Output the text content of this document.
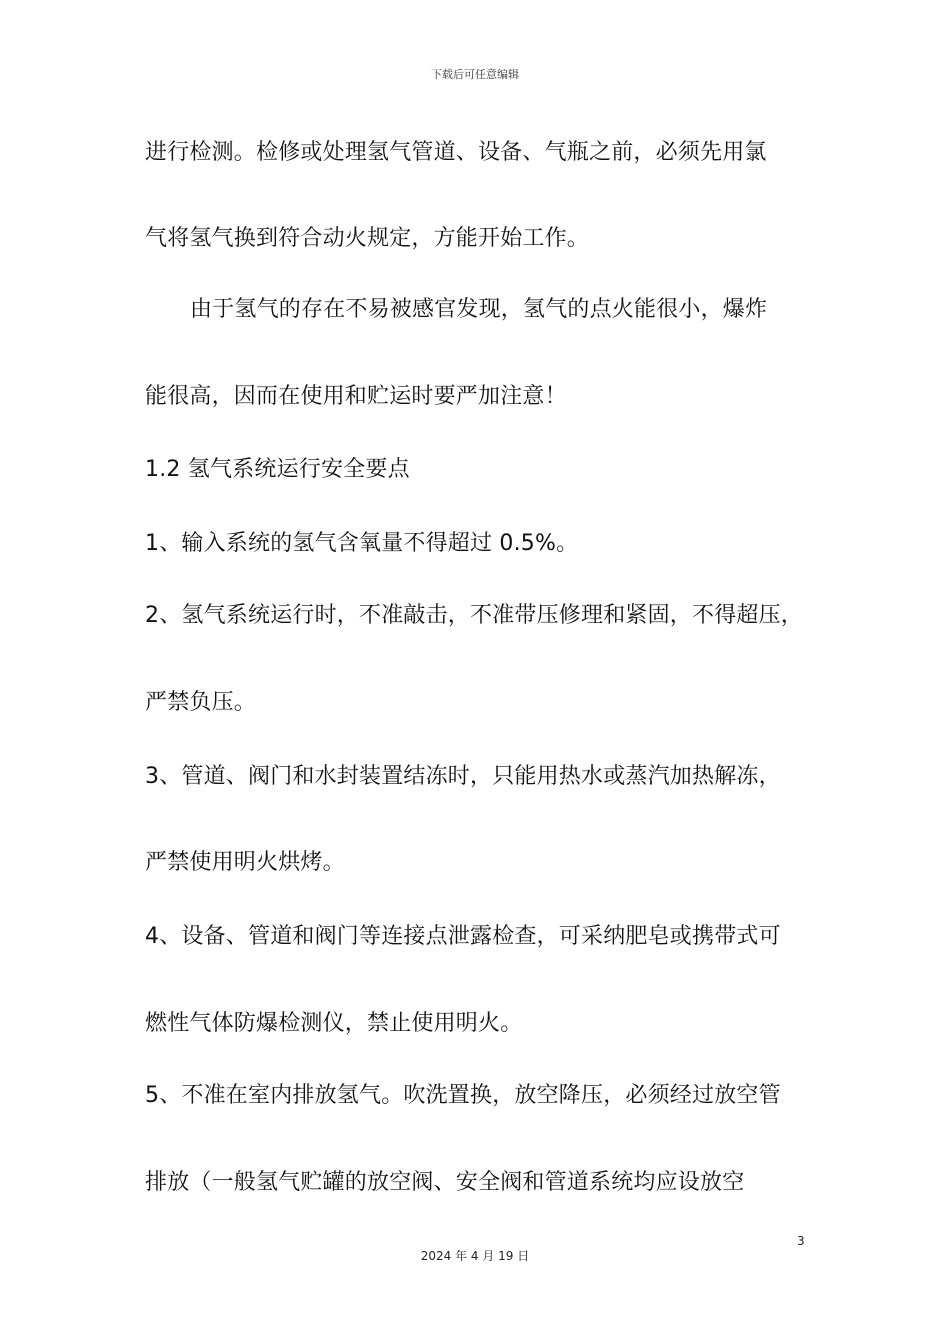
下载后可任意编辑
进行检测。检修或处理氢气管道、设备、气瓶之前，必须先用氯
气将氢气换到符合动火规定，方能开始工作。
由于氢气的存在不易被感官发现，氢气的点火能很小，爆炸
能很高，因而在使用和贮运时要严加注意！
1.2 氢气系统运行安全要点
1、输入系统的氢气含氧量不得超过 0.5%。
2、氢气系统运行时，不准敲击，不准带压修理和紧固，不得超压，
严禁负压。
3、管道、阀门和水封装置结冻时，只能用热水或蒸汽加热解冻，
严禁使用明火烘烤。
4、设备、管道和阀门等连接点泄露检查，可采纳肥皂或携带式可
燃性气体防爆检测仪，禁止使用明火。
5、不准在室内排放氢气。吹洗置换，放空降压，必须经过放空管
排放（一般氢气贮罐的放空阀、安全阀和管道系统均应设放空
3
2024 年 4 月 19 日
